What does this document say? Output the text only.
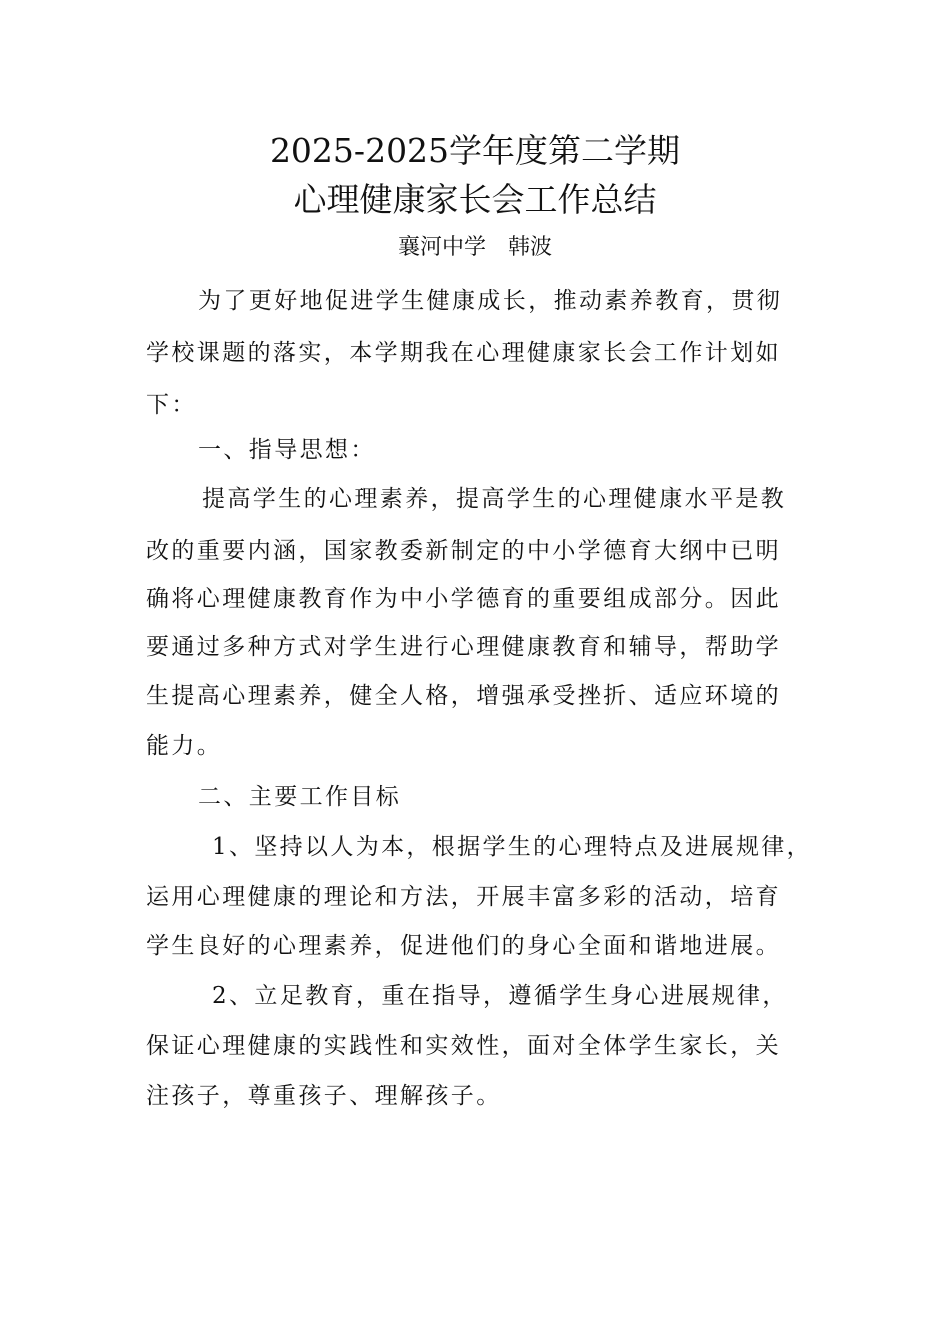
2025-2025学年度第二学期
心理健康家长会工作总结
襄河中学　韩波
为了更好地促进学生健康成长，推动素养教育，贯彻
学校课题的落实，本学期我在心理健康家长会工作计划如
下：
一、指导思想：
提高学生的心理素养，提高学生的心理健康水平是教
改的重要内涵，国家教委新制定的中小学德育大纲中已明
确将心理健康教育作为中小学德育的重要组成部分。因此
要通过多种方式对学生进行心理健康教育和辅导，帮助学
生提高心理素养，健全人格，增强承受挫折、适应环境的
能力。
二、主要工作目标
1、坚持以人为本，根据学生的心理特点及进展规律，
运用心理健康的理论和方法，开展丰富多彩的活动，培育
学生良好的心理素养，促进他们的身心全面和谐地进展。
2、立足教育，重在指导，遵循学生身心进展规律，
保证心理健康的实践性和实效性，面对全体学生家长，关
注孩子，尊重孩子、理解孩子。
